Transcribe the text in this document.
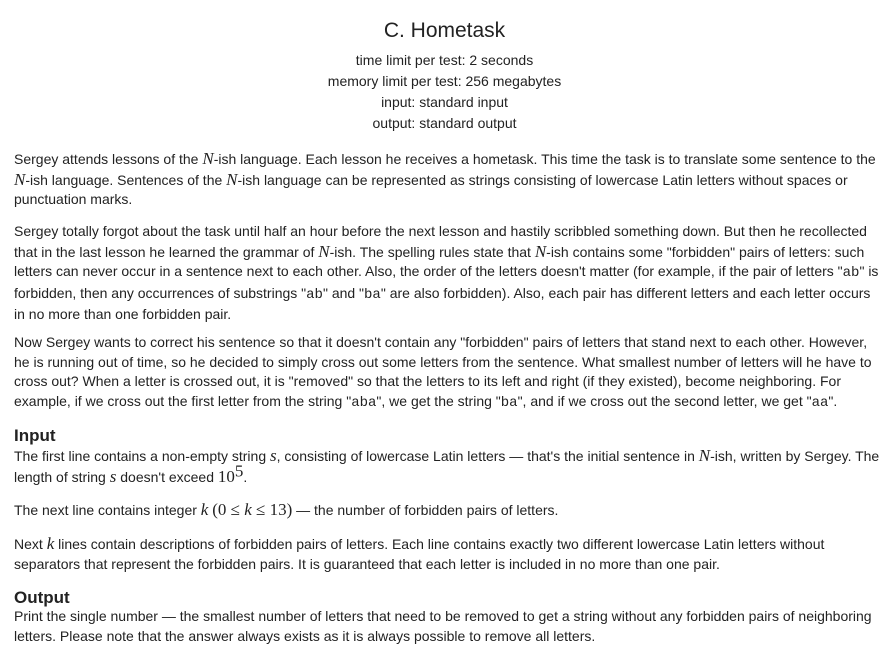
C. Hometask
time limit per test: 2 seconds
memory limit per test: 256 megabytes
input: standard input
output: standard output

Sergey attends lessons of the N-ish language. Each lesson he receives a hometask. This time the task is to translate some sentence to the N-ish language. Sentences of the N-ish language can be represented as strings consisting of lowercase Latin letters without spaces or punctuation marks.

Sergey totally forgot about the task until half an hour before the next lesson and hastily scribbled something down. But then he recollected that in the last lesson he learned the grammar of N-ish. The spelling rules state that N-ish contains some "forbidden" pairs of letters: such letters can never occur in a sentence next to each other. Also, the order of the letters doesn't matter (for example, if the pair of letters "ab" is forbidden, then any occurrences of substrings "ab" and "ba" are also forbidden). Also, each pair has different letters and each letter occurs in no more than one forbidden pair.

Now Sergey wants to correct his sentence so that it doesn't contain any "forbidden" pairs of letters that stand next to each other. However, he is running out of time, so he decided to simply cross out some letters from the sentence. What smallest number of letters will he have to cross out? When a letter is crossed out, it is "removed" so that the letters to its left and right (if they existed), become neighboring. For example, if we cross out the first letter from the string "aba", we get the string "ba", and if we cross out the second letter, we get "aa".

Input

The first line contains a non-empty string s, consisting of lowercase Latin letters — that's the initial sentence in N-ish, written by Sergey. The length of string s doesn't exceed $10^5$.

The next line contains integer k (0 ≤ k ≤ 13) — the number of forbidden pairs of letters.

Next k lines contain descriptions of forbidden pairs of letters. Each line contains exactly two different lowercase Latin letters without separators that represent the forbidden pairs. It is guaranteed that each letter is included in no more than one pair.

Output

Print the single number — the smallest number of letters that need to be removed to get a string without any forbidden pairs of neighboring letters. Please note that the answer always exists as it is always possible to remove all letters.
